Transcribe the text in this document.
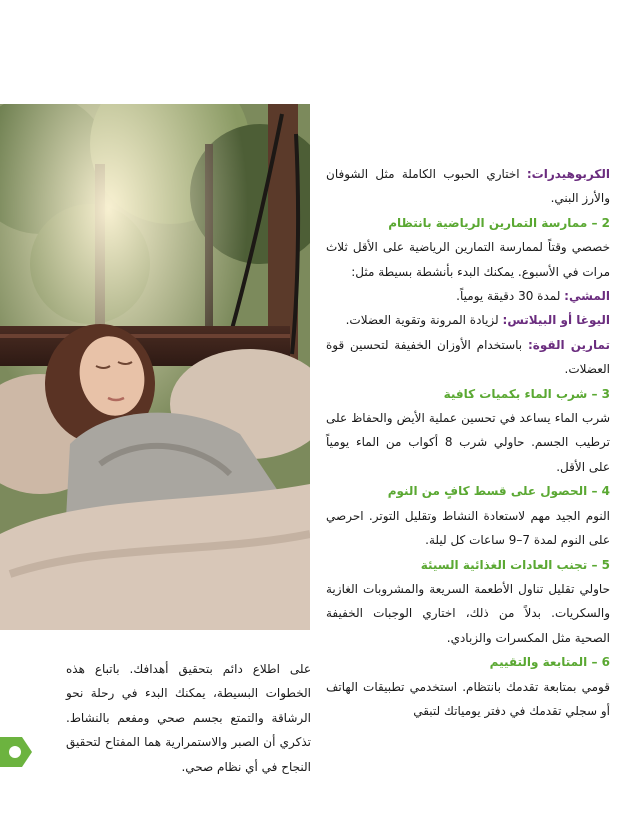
الكربوهيدرات: اختاري الحبوب الكاملة مثل الشوفان والأرز البني.

2 – ممارسة التمارين الرياضية بانتظام

خصصي وقتاً لممارسة التمارين الرياضية على الأقل ثلاث مرات في الأسبوع. يمكنك البدء بأنشطة بسيطة مثل:

المشي: لمدة 30 دقيقة يومياً.

اليوغا أو البيلاتس: لزيادة المرونة وتقوية العضلات.

تمارين القوة: باستخدام الأوزان الخفيفة لتحسين قوة العضلات.

3 – شرب الماء بكميات كافية

شرب الماء يساعد في تحسين عملية الأيض والحفاظ على ترطيب الجسم. حاولي شرب 8 أكواب من الماء يومياً على الأقل.

4 – الحصول على قسط كافٍ من النوم

النوم الجيد مهم لاستعادة النشاط وتقليل التوتر. احرصي على النوم لمدة 7–9 ساعات كل ليلة.

5 – تجنب العادات الغذائية السيئة

حاولي تقليل تناول الأطعمة السريعة والمشروبات الغازية والسكريات. بدلاً من ذلك، اختاري الوجبات الخفيفة الصحية مثل المكسرات والزبادي.

6 – المتابعة والتقييم

قومي بمتابعة تقدمك بانتظام. استخدمي تطبيقات الهاتف أو سجلي تقدمك في دفتر يومياتك لتبقي

على اطلاع دائم بتحقيق أهدافك. باتباع هذه الخطوات البسيطة، يمكنك البدء في رحلة نحو الرشاقة والتمتع بجسم صحي ومفعم بالنشاط. تذكري أن الصبر والاستمرارية هما المفتاح لتحقيق النجاح في أي نظام صحي.
